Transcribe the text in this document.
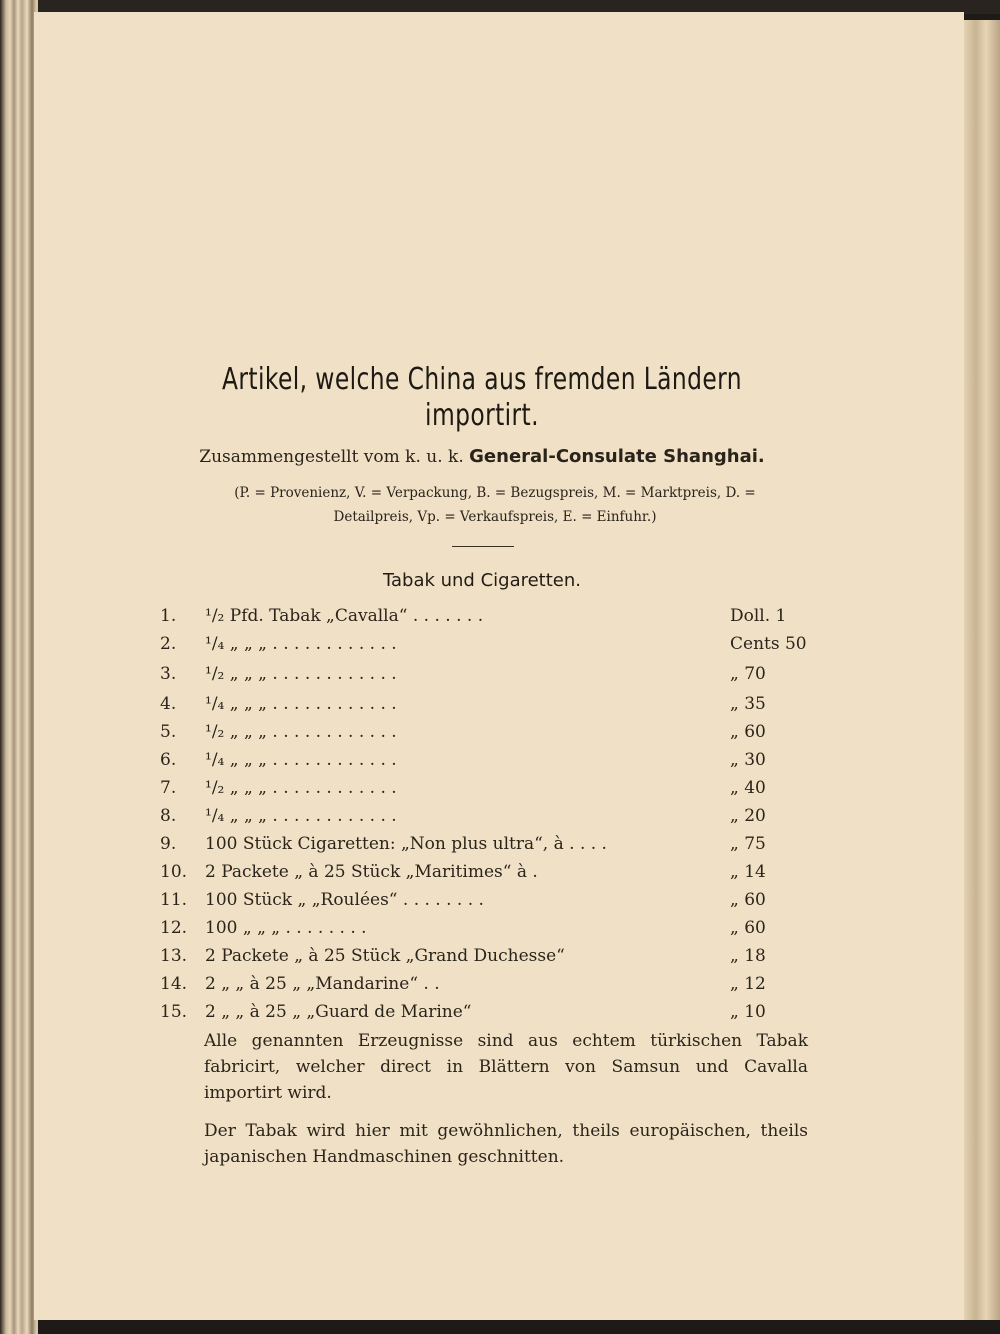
Artikel, welche China aus fremden Ländern
importirt.
Zusammengestellt vom k. u. k. General-Consulate Shanghai.
(P. = Provenienz, V. = Verpackung, B. = Bezugspreis, M. = Marktpreis, D. =
Detailpreis, Vp. = Verkaufspreis, E. = Einfuhr.)
Tabak und Cigaretten.
1. ¹/₂ Pfd. Tabak „Cavalla“ . . . . . . .	Doll. 1
2. ¹/₄ „ „ „ . . . . . . . . . . . .	Cents 50
3. ¹/₂ „ „ „ . . . . . . . . . . . .	„ 70
4. ¹/₄ „ „ „ . . . . . . . . . . . .	„ 35
5. ¹/₂ „ „ „ . . . . . . . . . . . .	„ 60
6. ¹/₄ „ „ „ . . . . . . . . . . . .	„ 30
7. ¹/₂ „ „ „ . . . . . . . . . . . .	„ 40
8. ¹/₄ „ „ „ . . . . . . . . . . . .	„ 20
9. 100 Stück Cigaretten: „Non plus ultra“, à . . . .	„ 75
10. 2 Packete „ à 25 Stück „Maritimes“ à .	„ 14
11. 100 Stück „ „Roulées“ . . . . . . . .	„ 60
12. 100 „ „ „ . . . . . . . .	„ 60
13. 2 Packete „ à 25 Stück „Grand Duchesse“	„ 18
14. 2 „ „ à 25 „ „Mandarine“ . .	„ 12
15. 2 „ „ à 25 „ „Guard de Marine“	„ 10
Alle genannten Erzeugnisse sind aus echtem türkischen Tabak fabricirt, welcher direct in Blättern von Samsun und Cavalla importirt wird.
Der Tabak wird hier mit gewöhnlichen, theils europäischen, theils japanischen Handmaschinen geschnitten.
